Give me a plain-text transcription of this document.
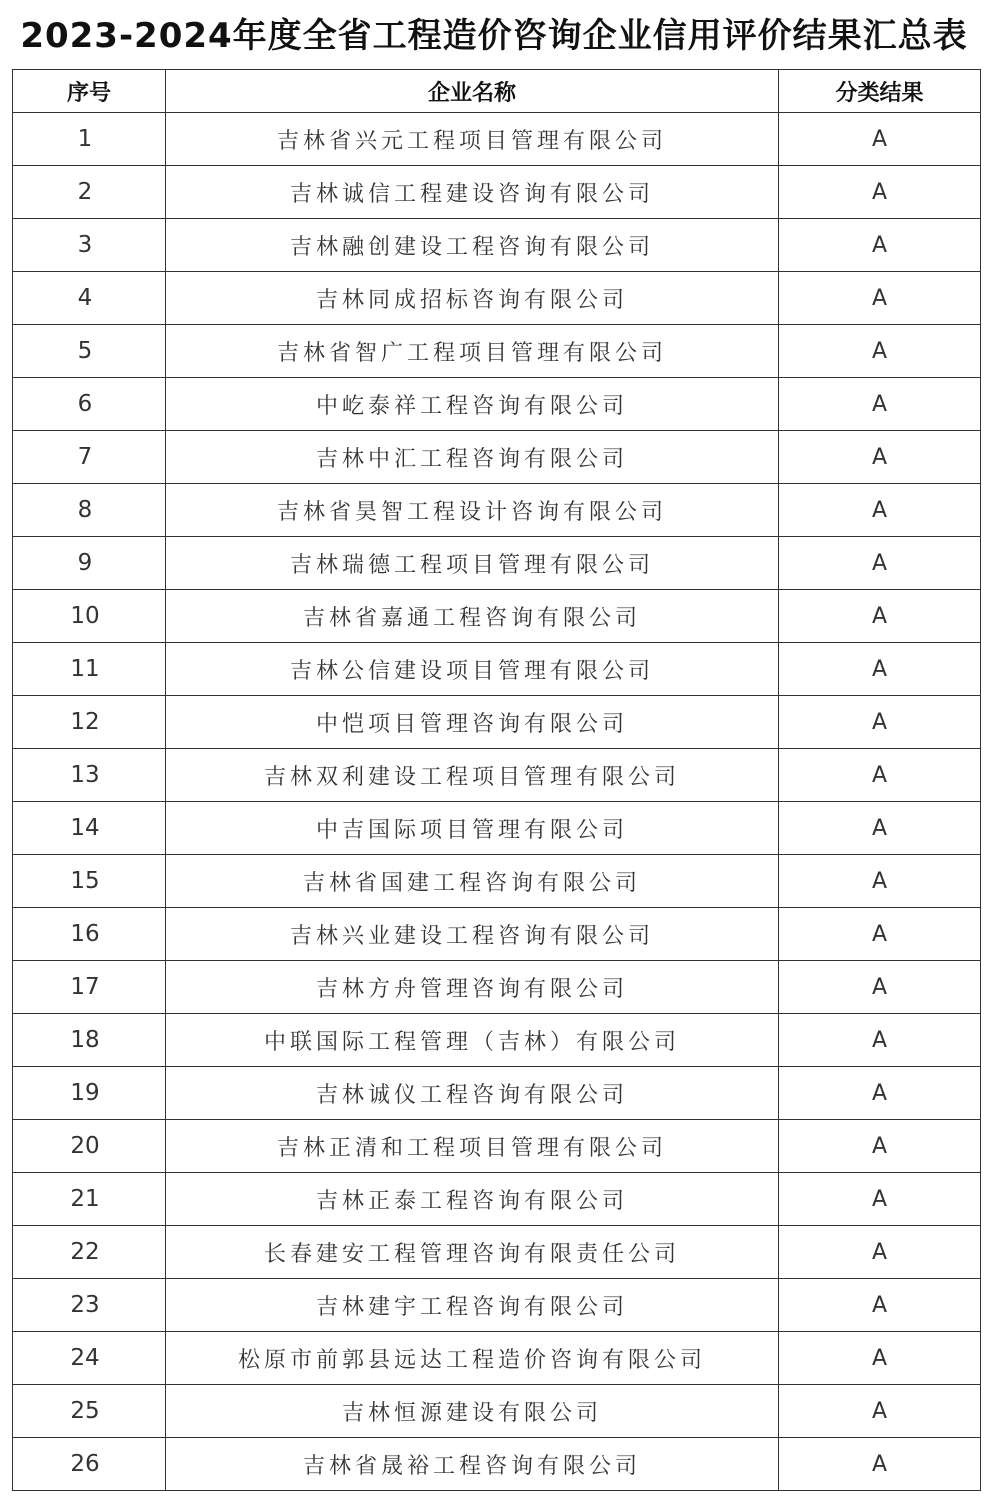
2023-2024年度全省工程造价咨询企业信用评价结果汇总表
序号	企业名称	分类结果
1	吉林省兴元工程项目管理有限公司	A
2	吉林诚信工程建设咨询有限公司	A
3	吉林融创建设工程咨询有限公司	A
4	吉林同成招标咨询有限公司	A
5	吉林省智广工程项目管理有限公司	A
6	中屹泰祥工程咨询有限公司	A
7	吉林中汇工程咨询有限公司	A
8	吉林省昊智工程设计咨询有限公司	A
9	吉林瑞德工程项目管理有限公司	A
10	吉林省嘉通工程咨询有限公司	A
11	吉林公信建设项目管理有限公司	A
12	中恺项目管理咨询有限公司	A
13	吉林双利建设工程项目管理有限公司	A
14	中吉国际项目管理有限公司	A
15	吉林省国建工程咨询有限公司	A
16	吉林兴业建设工程咨询有限公司	A
17	吉林方舟管理咨询有限公司	A
18	中联国际工程管理（吉林）有限公司	A
19	吉林诚仪工程咨询有限公司	A
20	吉林正清和工程项目管理有限公司	A
21	吉林正泰工程咨询有限公司	A
22	长春建安工程管理咨询有限责任公司	A
23	吉林建宇工程咨询有限公司	A
24	松原市前郭县远达工程造价咨询有限公司	A
25	吉林恒源建设有限公司	A
26	吉林省晟裕工程咨询有限公司	A
